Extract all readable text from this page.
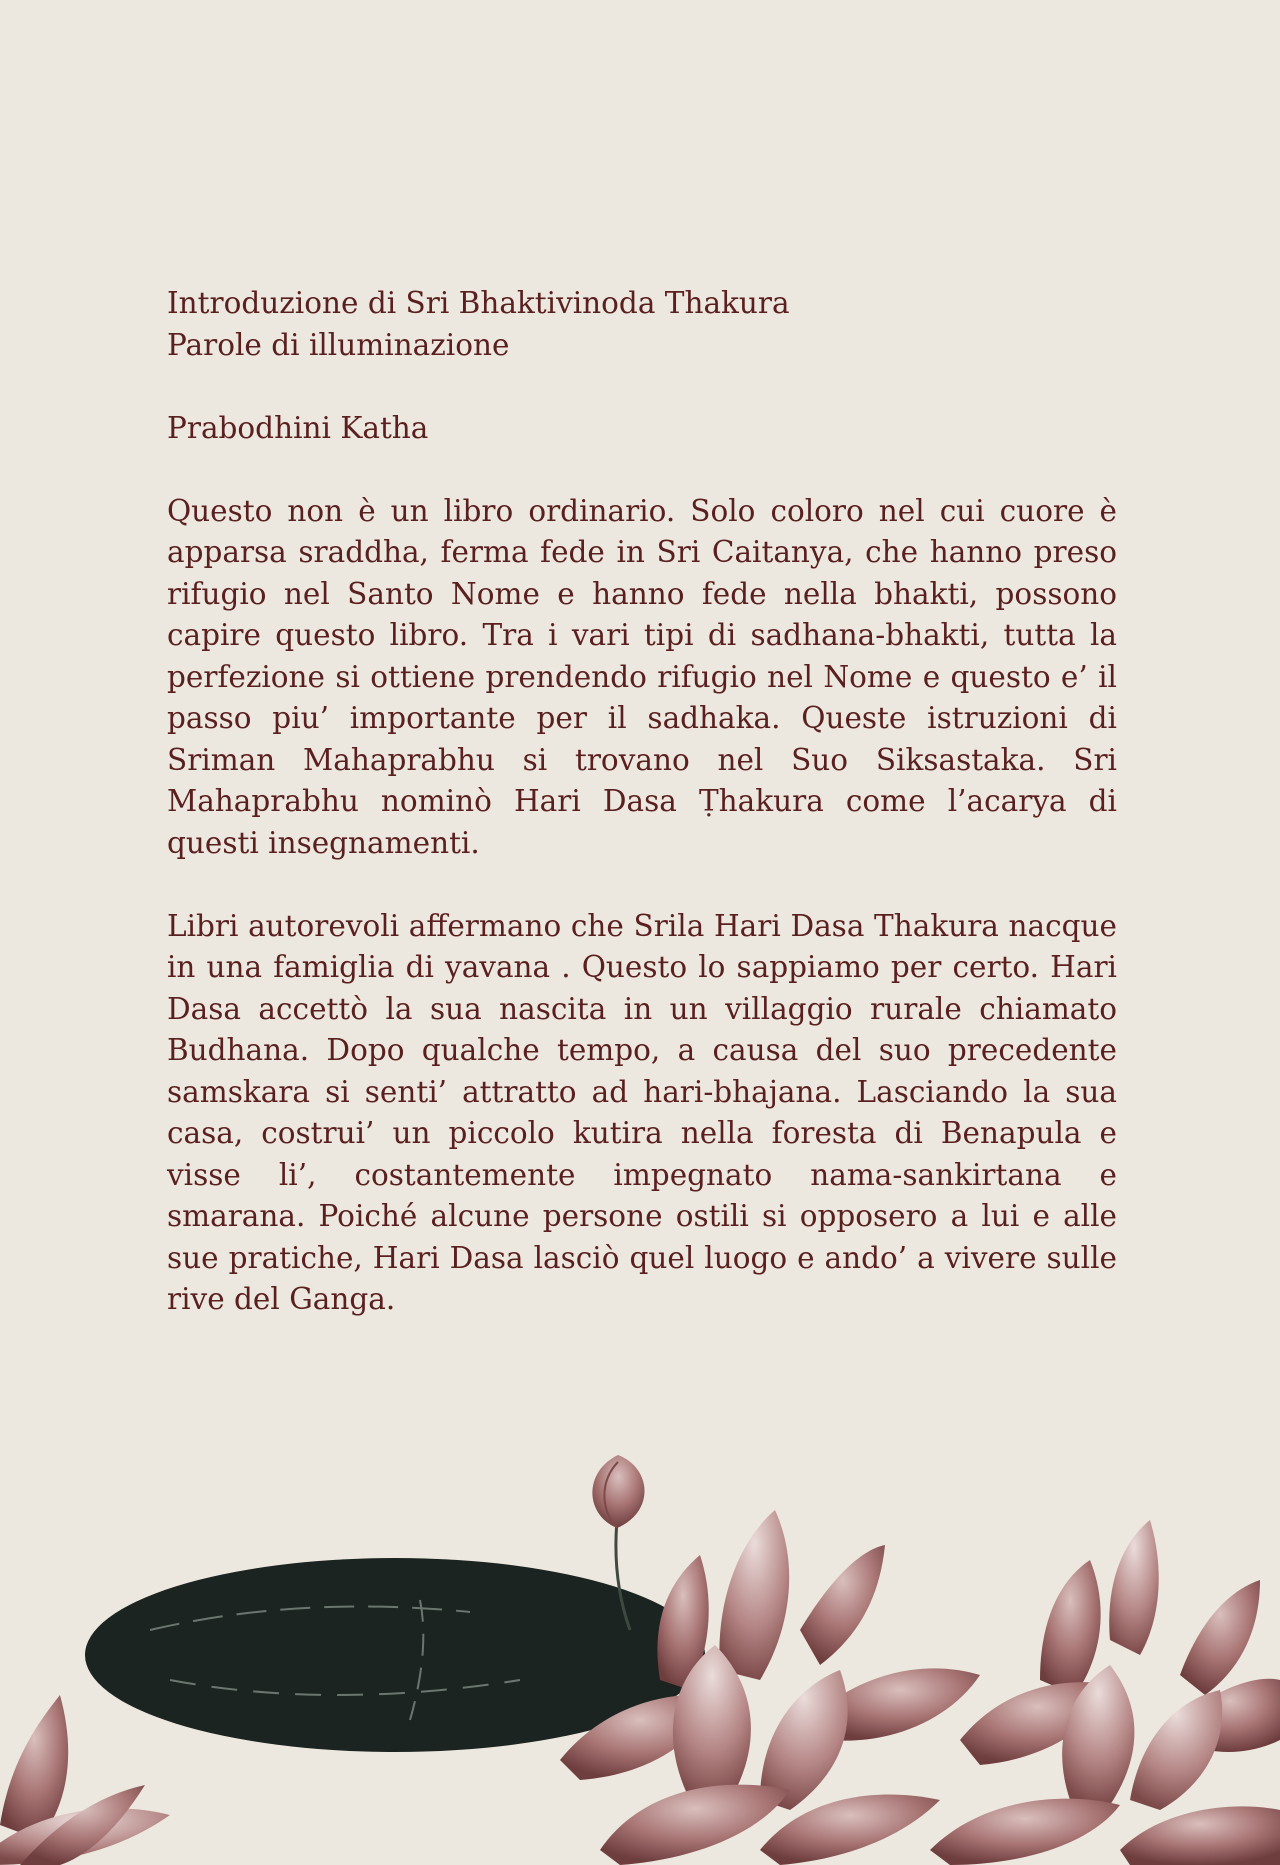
Introduzione di Sri Bhaktivinoda Thakura

Parole di illuminazione

Prabodhini Katha

Questo non è un libro ordinario. Solo coloro nel cui cuore è apparsa sraddha, ferma fede in Sri Caitanya, che hanno preso rifugio nel Santo Nome e hanno fede nella bhakti, possono capire questo libro. Tra i vari tipi di sadhana-bhakti, tutta la perfezione si ottiene prendendo rifugio nel Nome e questo e’ il passo piu’ importante per il sadhaka. Queste istruzioni di Sriman Mahaprabhu si trovano nel Suo Siksastaka. Sri Mahaprabhu nominò Hari Dasa Ṭhakura come l’acarya di questi insegnamenti.

Libri autorevoli affermano che Srila Hari Dasa Thakura nacque in una famiglia di yavana . Questo lo sappiamo per certo. Hari Dasa accettò la sua nascita in un villaggio rurale chiamato Budhana. Dopo qualche tempo, a causa del suo precedente samskara si senti’ attratto ad hari-bhajana. Lasciando la sua casa, costrui’ un piccolo kutira nella foresta di Benapula e visse li’, costantemente impegnato nama-sankirtana e smarana. Poiché alcune persone ostili si opposero a lui e alle sue pratiche, Hari Dasa lasciò quel luogo e ando’ a vivere sulle rive del Ganga.
